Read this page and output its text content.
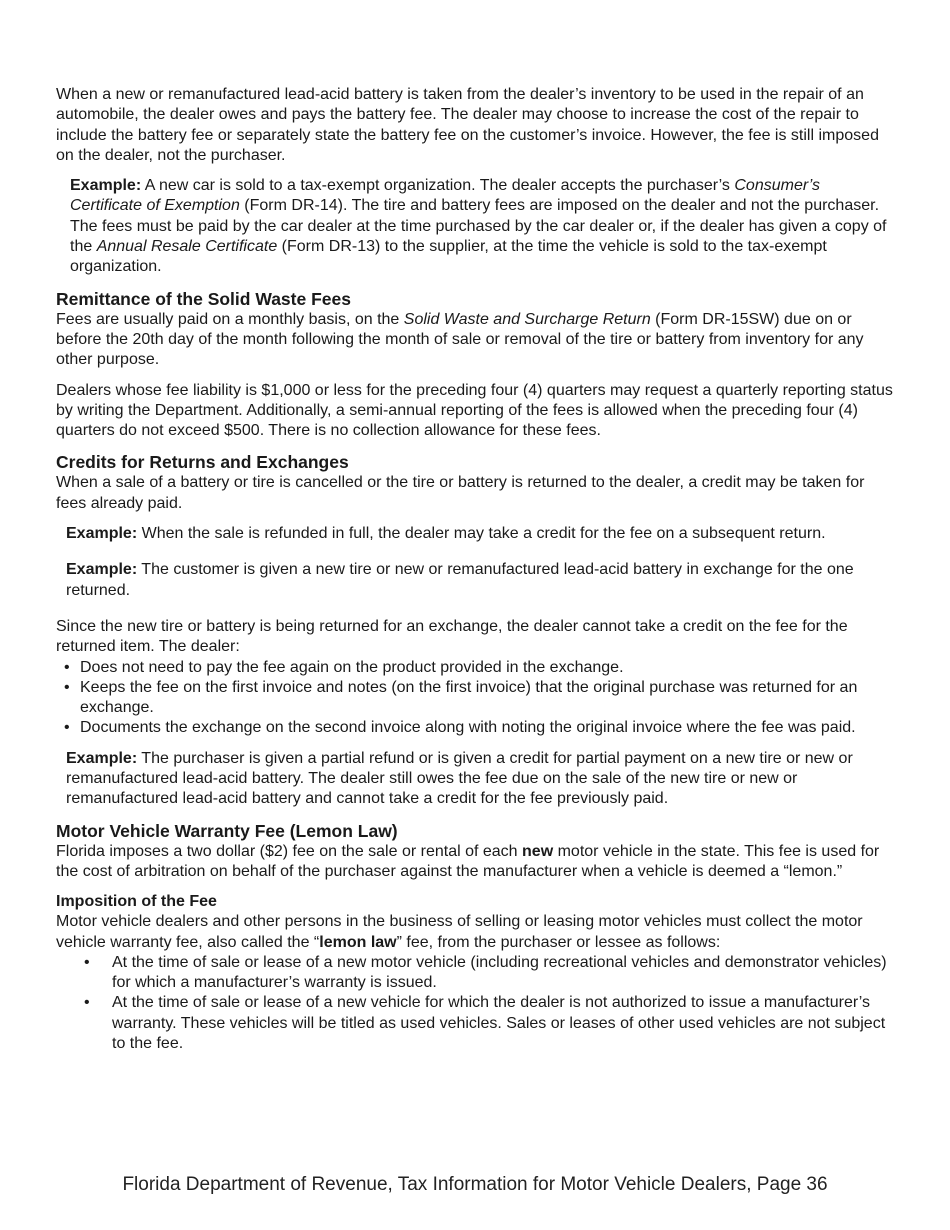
When a new or remanufactured lead-acid battery is taken from the dealer’s inventory to be used in the repair of an automobile, the dealer owes and pays the battery fee. The dealer may choose to increase the cost of the repair to include the battery fee or separately state the battery fee on the customer’s invoice. However, the fee is still imposed on the dealer, not the purchaser.

Example: A new car is sold to a tax-exempt organization. The dealer accepts the purchaser’s Consumer’s Certificate of Exemption (Form DR-14). The tire and battery fees are imposed on the dealer and not the purchaser. The fees must be paid by the car dealer at the time purchased by the car dealer or, if the dealer has given a copy of the Annual Resale Certificate (Form DR-13) to the supplier, at the time the vehicle is sold to the tax-exempt organization.

Remittance of the Solid Waste Fees

Fees are usually paid on a monthly basis, on the Solid Waste and Surcharge Return (Form DR-15SW) due on or before the 20th day of the month following the month of sale or removal of the tire or battery from inventory for any other purpose.

Dealers whose fee liability is $1,000 or less for the preceding four (4) quarters may request a quarterly reporting status by writing the Department. Additionally, a semi-annual reporting of the fees is allowed when the preceding four (4) quarters do not exceed $500. There is no collection allowance for these fees.

Credits for Returns and Exchanges

When a sale of a battery or tire is cancelled or the tire or battery is returned to the dealer, a credit may be taken for fees already paid.

Example: When the sale is refunded in full, the dealer may take a credit for the fee on a subsequent return.

Example: The customer is given a new tire or new or remanufactured lead-acid battery in exchange for the one returned.

Since the new tire or battery is being returned for an exchange, the dealer cannot take a credit on the fee for the returned item. The dealer:

• Does not need to pay the fee again on the product provided in the exchange.
• Keeps the fee on the first invoice and notes (on the first invoice) that the original purchase was returned for an exchange.
• Documents the exchange on the second invoice along with noting the original invoice where the fee was paid.

Example: The purchaser is given a partial refund or is given a credit for partial payment on a new tire or new or remanufactured lead-acid battery. The dealer still owes the fee due on the sale of the new tire or new or remanufactured lead-acid battery and cannot take a credit for the fee previously paid.

Motor Vehicle Warranty Fee (Lemon Law)

Florida imposes a two dollar ($2) fee on the sale or rental of each new motor vehicle in the state. This fee is used for the cost of arbitration on behalf of the purchaser against the manufacturer when a vehicle is deemed a “lemon.”

Imposition of the Fee

Motor vehicle dealers and other persons in the business of selling or leasing motor vehicles must collect the motor vehicle warranty fee, also called the “lemon law” fee, from the purchaser or lessee as follows:

• At the time of sale or lease of a new motor vehicle (including recreational vehicles and demonstrator vehicles) for which a manufacturer’s warranty is issued.
• At the time of sale or lease of a new vehicle for which the dealer is not authorized to issue a manufacturer’s warranty. These vehicles will be titled as used vehicles. Sales or leases of other used vehicles are not subject to the fee.
Florida Department of Revenue, Tax Information for Motor Vehicle Dealers, Page 36
